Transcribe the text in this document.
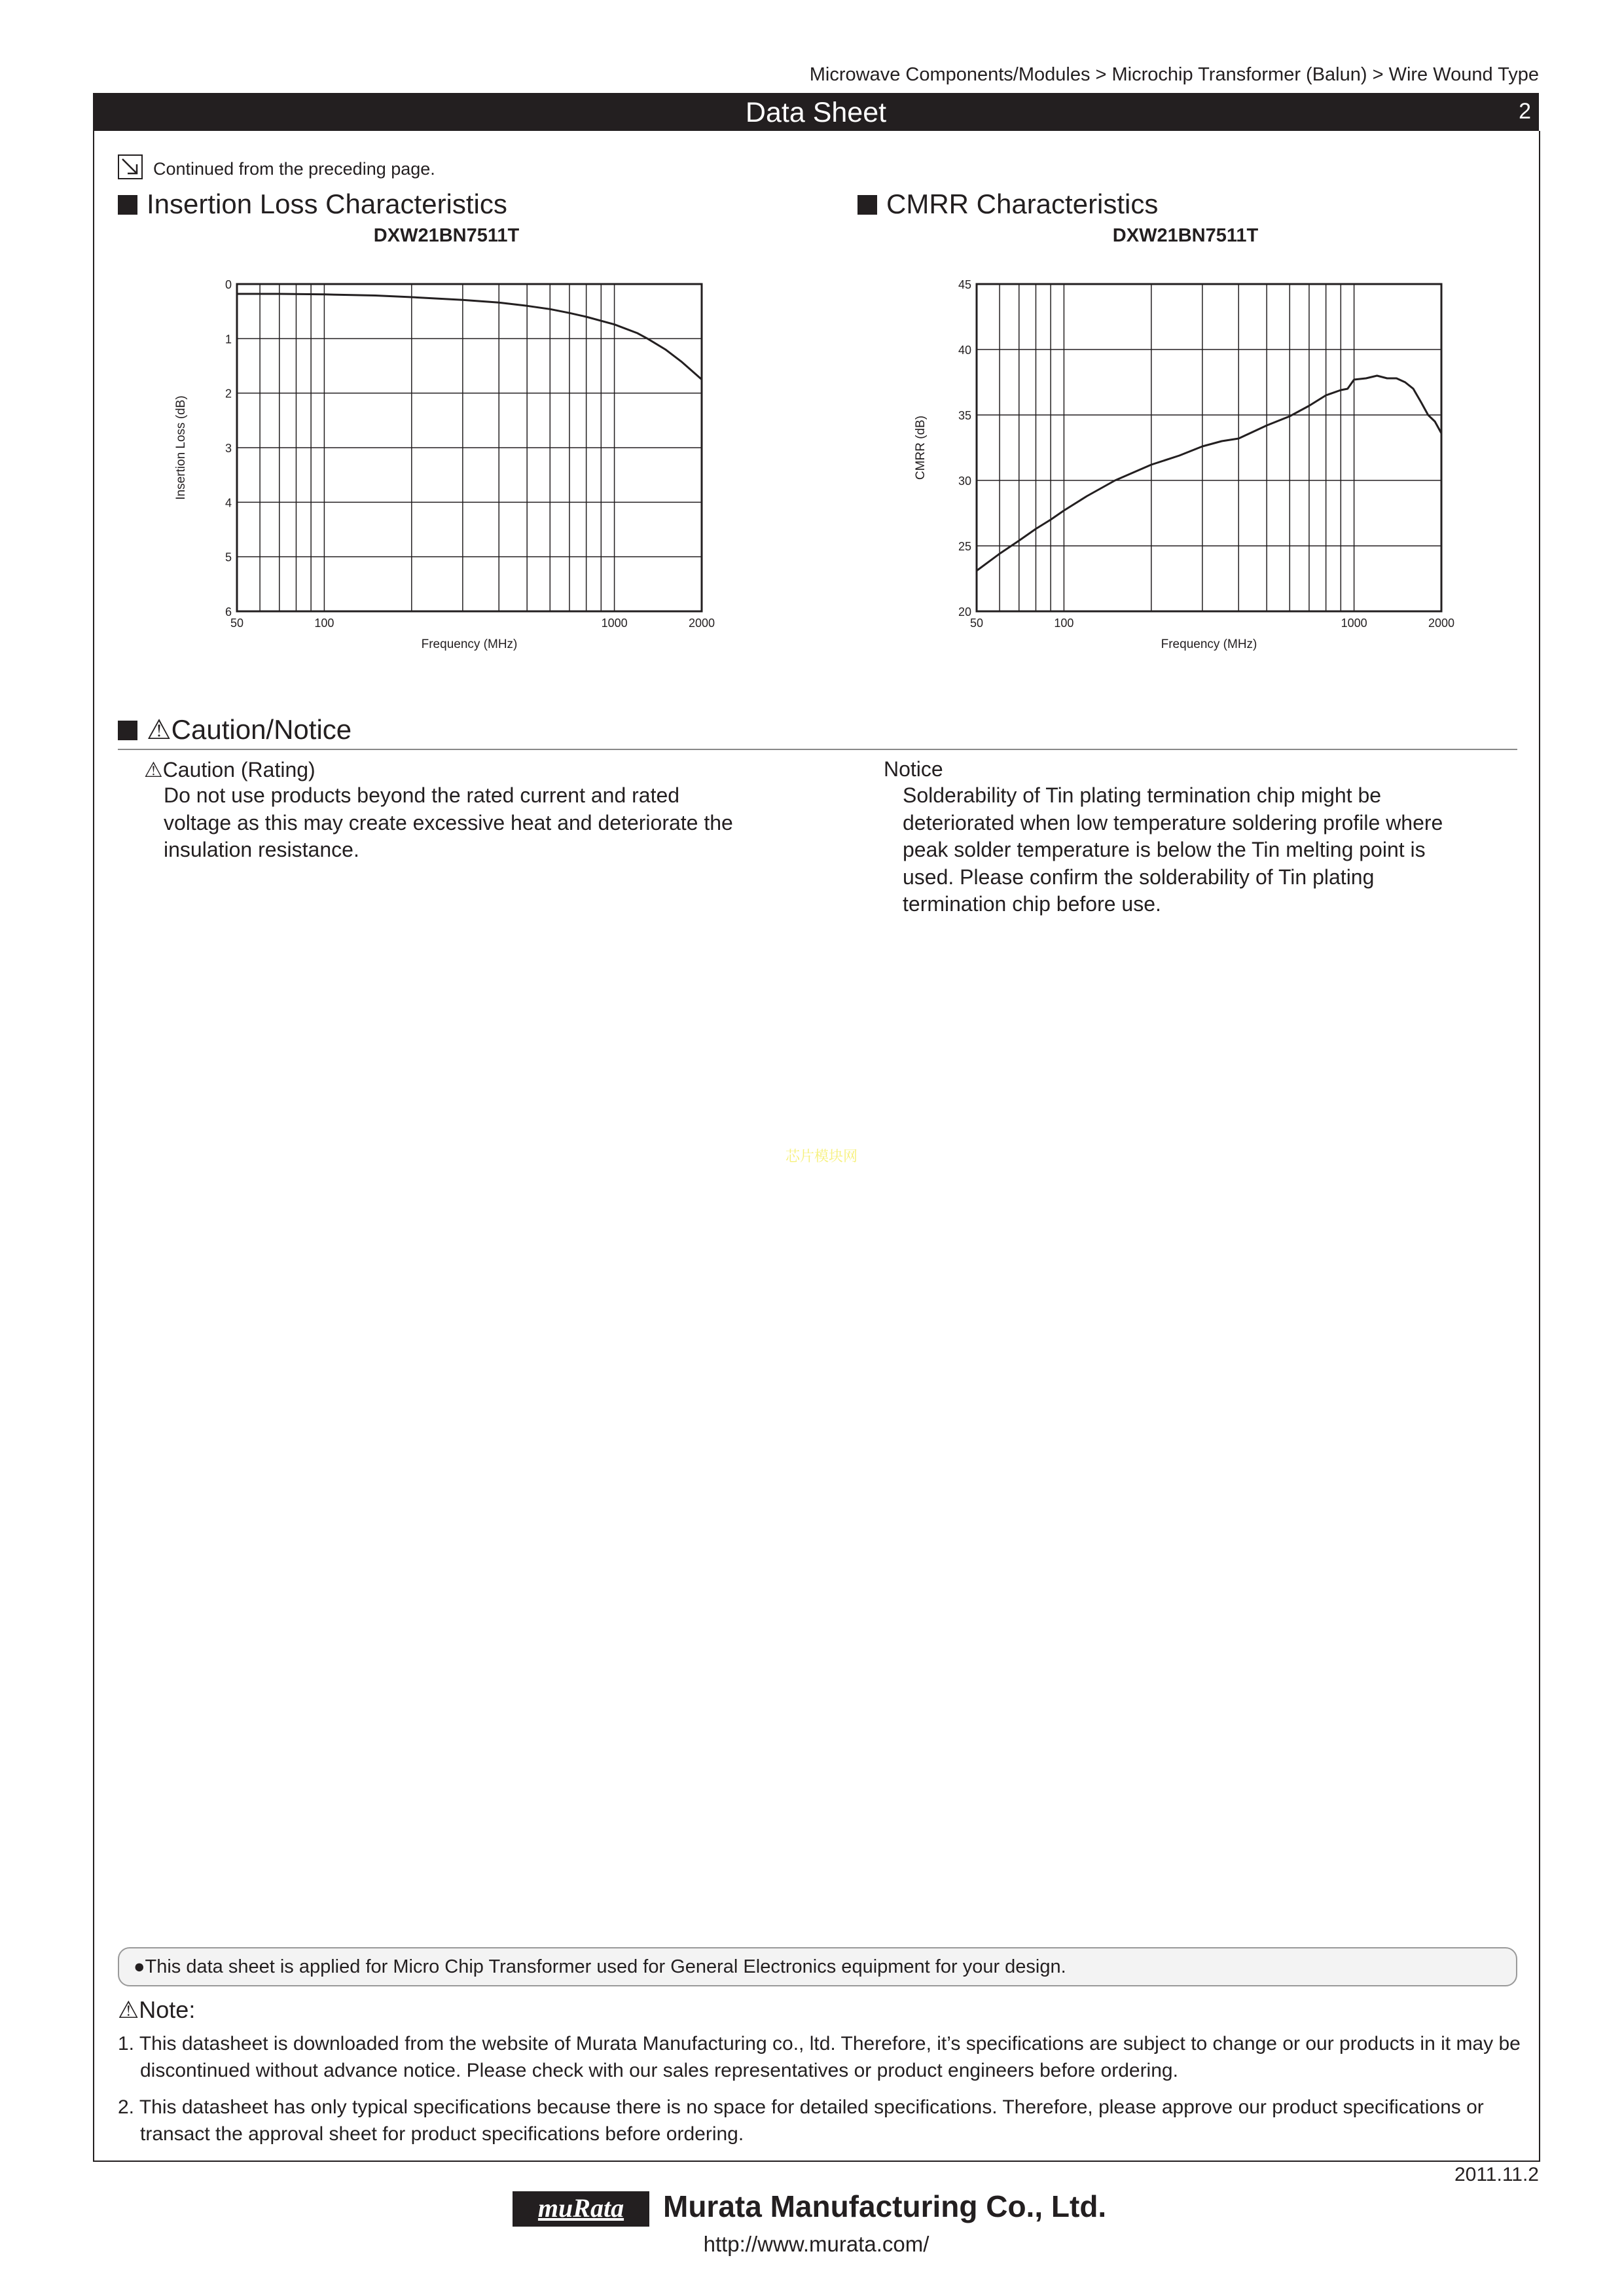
Microwave Components/Modules > Microchip Transformer (Balun) > Wire Wound Type
Data Sheet	2
Continued from the preceding page.
Insertion Loss Characteristics	CMRR Characteristics
DXW21BN7511T	DXW21BN7511T
0
1
2
3
4
5
6
50	100	1000	2000
Frequency (MHz)
Insertion Loss (dB)
20
25
30
35
40
45
50	100	1000	2000
Frequency (MHz)
CMRR (dB)
⚠Caution/Notice
⚠Caution (Rating)
Do not use products beyond the rated current and rated voltage as this may create excessive heat and deteriorate the insulation resistance.
Notice
Solderability of Tin plating termination chip might be deteriorated when low temperature soldering profile where peak solder temperature is below the Tin melting point is used. Please confirm the solderability of Tin plating termination chip before use.
芯片模块网
●This data sheet is applied for Micro Chip Transformer used for General Electronics equipment for your design.
⚠Note:
1. This datasheet is downloaded from the website of Murata Manufacturing co., ltd. Therefore, it’s specifications are subject to change or our products in it may be discontinued without advance notice. Please check with our sales representatives or product engineers before ordering.
2. This datasheet has only typical specifications because there is no space for detailed specifications. Therefore, please approve our product specifications or transact the approval sheet for product specifications before ordering.
2011.11.2
muRata	Murata Manufacturing Co., Ltd.
http://www.murata.com/
